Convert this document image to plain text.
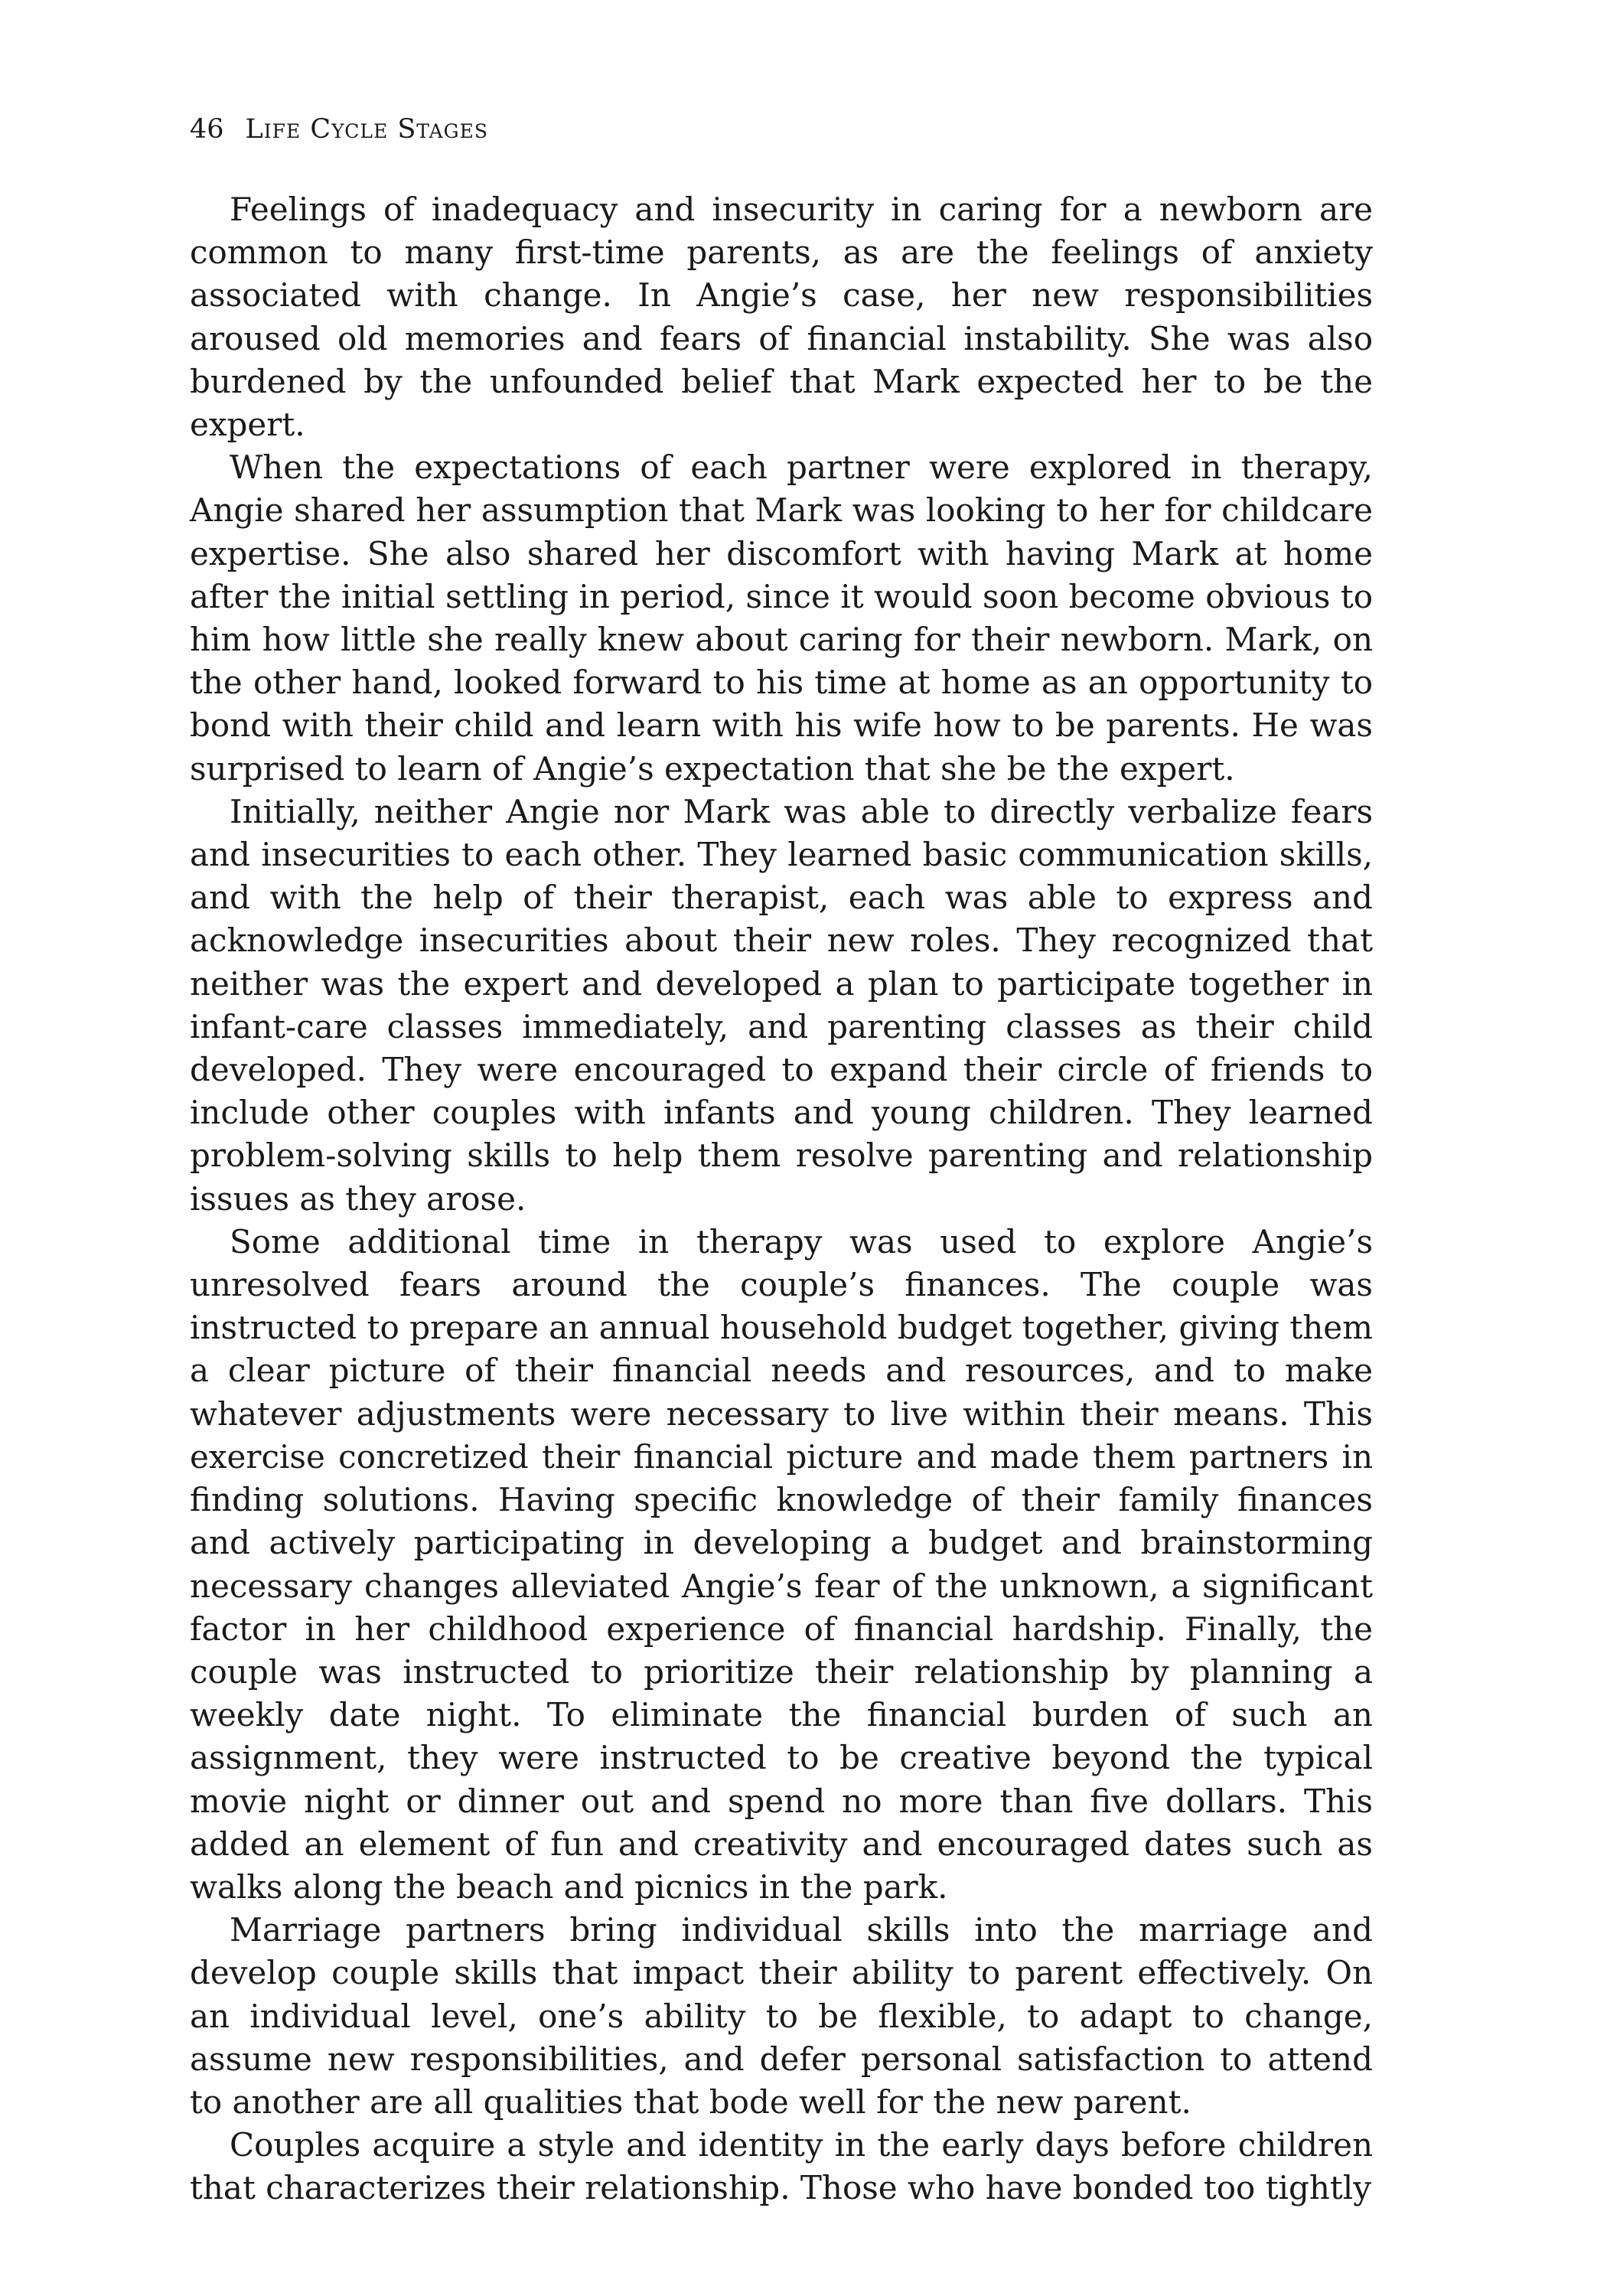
46 Life Cycle Stages

Feelings of inadequacy and insecurity in caring for a newborn are common to many first-time parents, as are the feelings of anxiety associated with change. In Angie’s case, her new responsibilities aroused old memories and fears of financial instability. She was also burdened by the unfounded belief that Mark expected her to be the expert.

When the expectations of each partner were explored in therapy, Angie shared her assumption that Mark was looking to her for childcare expertise. She also shared her discomfort with having Mark at home after the initial settling in period, since it would soon become obvious to him how little she really knew about caring for their newborn. Mark, on the other hand, looked forward to his time at home as an opportunity to bond with their child and learn with his wife how to be parents. He was surprised to learn of Angie’s expectation that she be the expert.

Initially, neither Angie nor Mark was able to directly verbalize fears and insecurities to each other. They learned basic communication skills, and with the help of their therapist, each was able to express and acknowledge insecurities about their new roles. They recognized that neither was the expert and developed a plan to participate together in infant-care classes immediately, and parenting classes as their child developed. They were encouraged to expand their circle of friends to include other couples with infants and young children. They learned problem-solving skills to help them resolve parenting and relationship issues as they arose.

Some additional time in therapy was used to explore Angie’s unresolved fears around the couple’s finances. The couple was instructed to prepare an annual household budget together, giving them a clear picture of their financial needs and resources, and to make whatever adjustments were necessary to live within their means. This exercise concretized their financial picture and made them partners in finding solutions. Having specific knowledge of their family finances and actively participating in developing a budget and brainstorming necessary changes alleviated Angie’s fear of the unknown, a significant factor in her childhood experience of financial hardship. Finally, the couple was instructed to prioritize their relationship by planning a weekly date night. To eliminate the financial burden of such an assignment, they were instructed to be creative beyond the typical movie night or dinner out and spend no more than five dollars. This added an element of fun and creativity and encouraged dates such as walks along the beach and picnics in the park.

Marriage partners bring individual skills into the marriage and develop couple skills that impact their ability to parent effectively. On an individual level, one’s ability to be flexible, to adapt to change, assume new responsibilities, and defer personal satisfaction to attend to another are all qualities that bode well for the new parent.

Couples acquire a style and identity in the early days before children that characterizes their relationship. Those who have bonded too tightly
